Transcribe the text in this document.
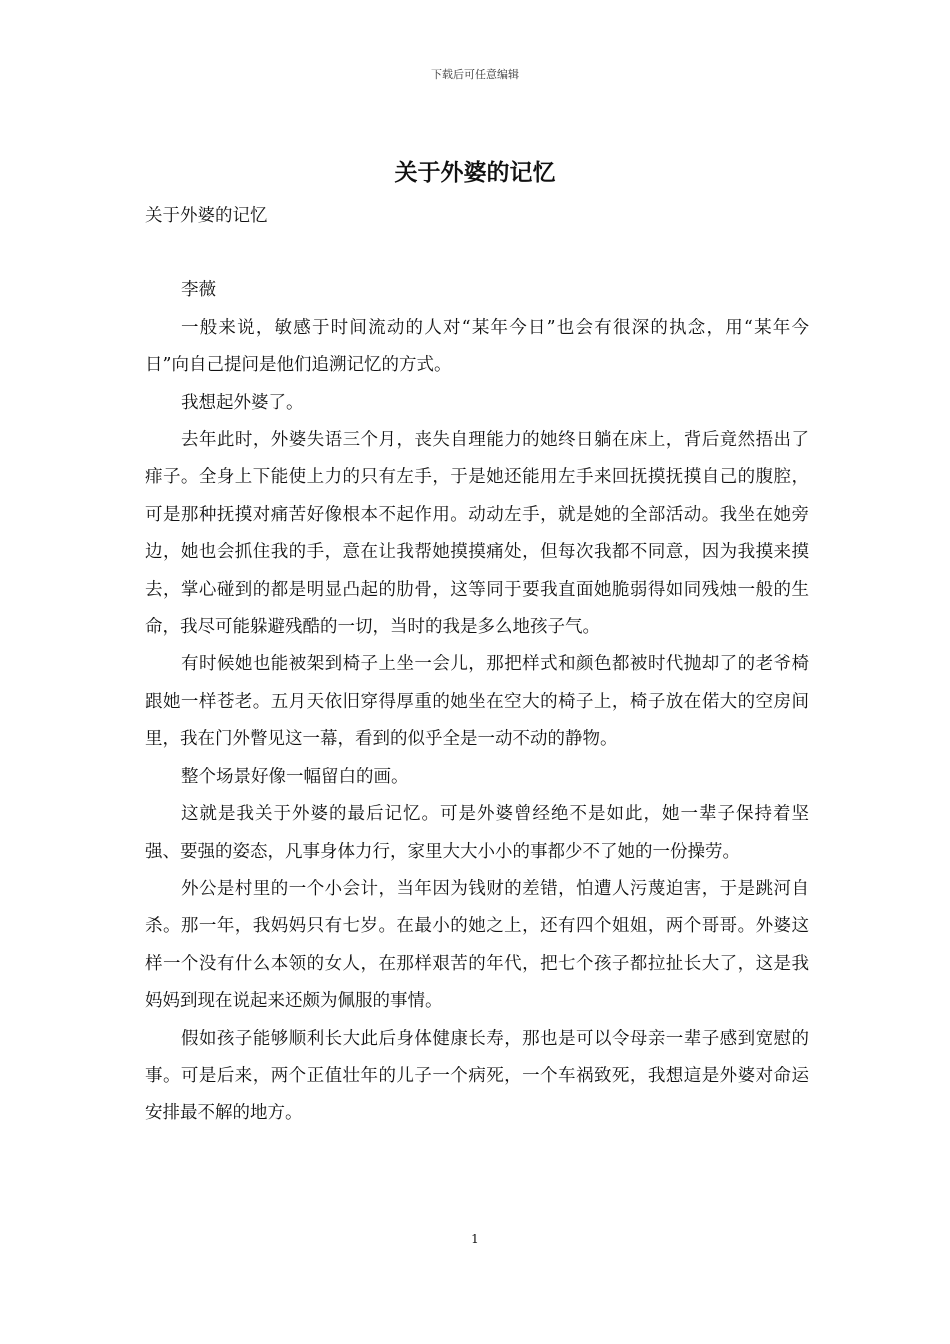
下载后可任意编辑
关于外婆的记忆

关于外婆的记忆

李薇

一般来说，敏感于时间流动的人对“某年今日”也会有很深的执念，用“某年今日”向自己提问是他们追溯记忆的方式。

我想起外婆了。

去年此时，外婆失语三个月，丧失自理能力的她终日躺在床上，背后竟然捂出了痱子。全身上下能使上力的只有左手，于是她还能用左手来回抚摸抚摸自己的腹腔，可是那种抚摸对痛苦好像根本不起作用。动动左手，就是她的全部活动。我坐在她旁边，她也会抓住我的手，意在让我帮她摸摸痛处，但每次我都不同意，因为我摸来摸去，掌心碰到的都是明显凸起的肋骨，这等同于要我直面她脆弱得如同残烛一般的生命，我尽可能躲避残酷的一切，当时的我是多么地孩子气。

有时候她也能被架到椅子上坐一会儿，那把样式和颜色都被时代抛却了的老爷椅跟她一样苍老。五月天依旧穿得厚重的她坐在空大的椅子上，椅子放在偌大的空房间里，我在门外瞥见这一幕，看到的似乎全是一动不动的静物。

整个场景好像一幅留白的画。

这就是我关于外婆的最后记忆。可是外婆曾经绝不是如此，她一辈子保持着坚强、要强的姿态，凡事身体力行，家里大大小小的事都少不了她的一份操劳。

外公是村里的一个小会计，当年因为钱财的差错，怕遭人污蔑迫害，于是跳河自杀。那一年，我妈妈只有七岁。在最小的她之上，还有四个姐姐，两个哥哥。外婆这样一个没有什么本领的女人，在那样艰苦的年代，把七个孩子都拉扯长大了，这是我妈妈到现在说起来还颇为佩服的事情。

假如孩子能够顺利长大此后身体健康长寿，那也是可以令母亲一辈子感到宽慰的事。可是后来，两个正值壮年的儿子一个病死，一个车祸致死，我想這是外婆对命运安排最不解的地方。

1
